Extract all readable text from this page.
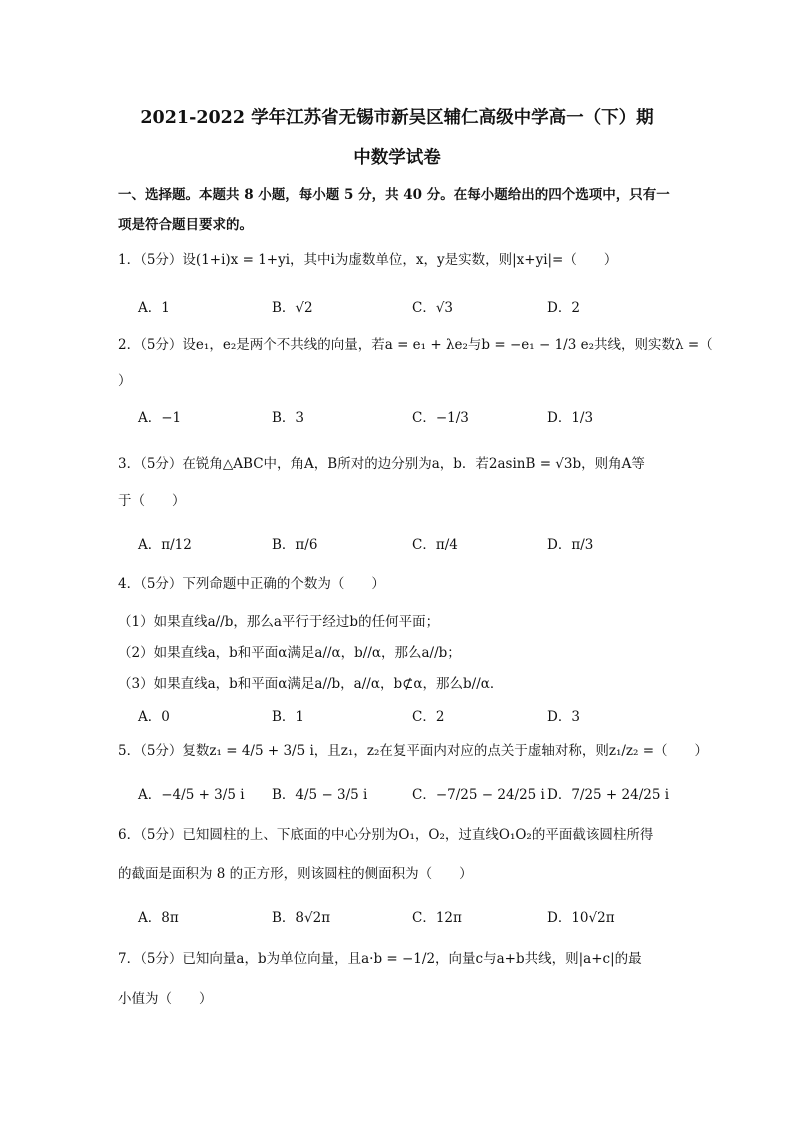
2021-2022 学年江苏省无锡市新吴区辅仁高级中学高一（下）期
中数学试卷
一、选择题。本题共 8 小题，每小题 5 分，共 40 分。在每小题给出的四个选项中，只有一
项是符合题目要求的。
1．（5分）设(1+i)x = 1+yi，其中i为虚数单位，x，y是实数，则|x+yi|=（　　）
A．1	B．√2	C．√3	D．2
2．（5分）设e₁，e₂是两个不共线的向量，若a = e₁ + λe₂与b = −e₁ − 1/3 e₂共线，则实数λ =（
）
A．−1	B．3	C．−1/3	D．1/3
3．（5分）在锐角△ABC中，角A，B所对的边分别为a，b．若2asinB = √3b，则角A等
于（　　）
A．π/12	B．π/6	C．π/4	D．π/3
4．（5分）下列命题中正确的个数为（　　）
（1）如果直线a//b，那么a平行于经过b的任何平面；
（2）如果直线a，b和平面α满足a//α，b//α，那么a//b；
（3）如果直线a，b和平面α满足a//b，a//α，b⊄α，那么b//α．
A．0	B．1	C．2	D．3
5．（5分）复数z₁ = 4/5 + 3/5 i，且z₁，z₂在复平面内对应的点关于虚轴对称，则z₁/z₂ =（　　）
A．−4/5 + 3/5 i B．4/5 − 3/5 i	C．−7/25 − 24/25 i D．7/25 + 24/25 i
6．（5分）已知圆柱的上、下底面的中心分别为O₁，O₂，过直线O₁O₂的平面截该圆柱所得
的截面是面积为 8 的正方形，则该圆柱的侧面积为（　　）
A．8π	B．8√2π	C．12π	D．10√2π
7．（5分）已知向量a，b为单位向量，且a·b = −1/2，向量c与a+b共线，则|a+c|的最
小值为（　　）
